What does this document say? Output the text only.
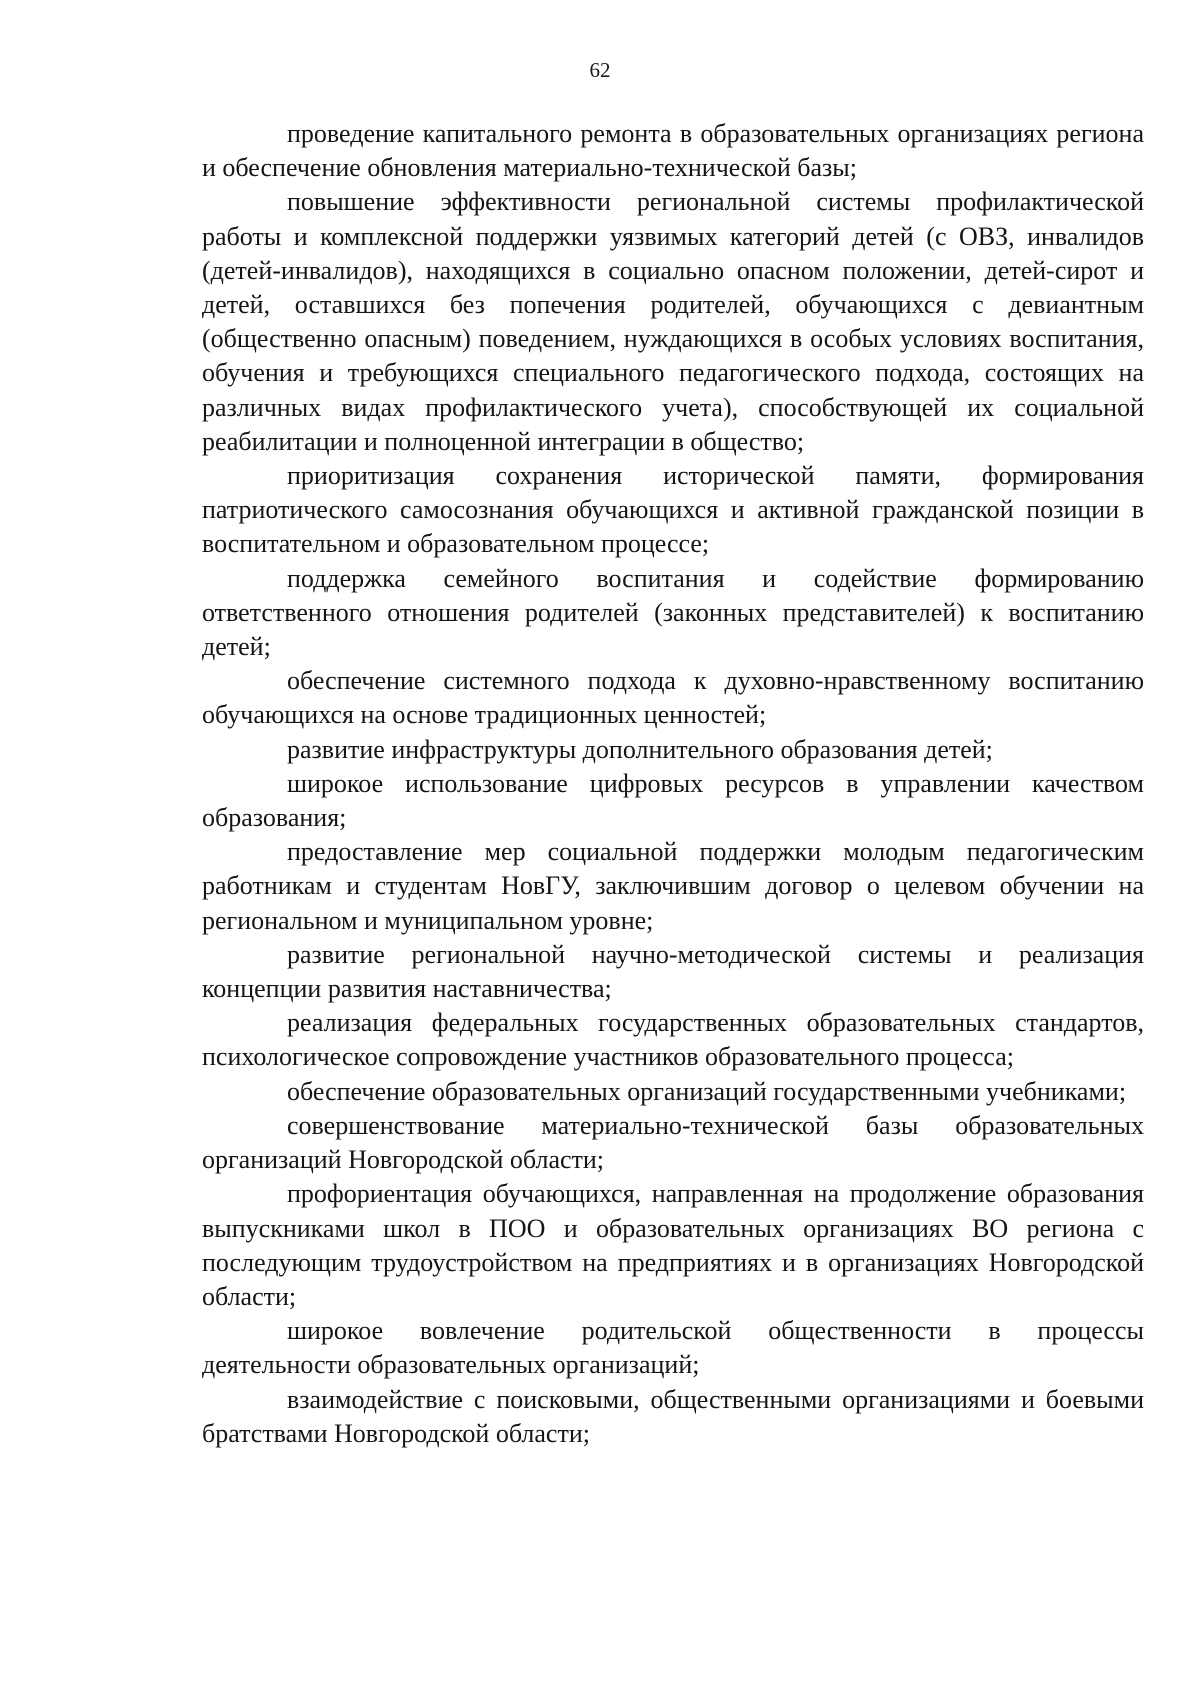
62

проведение капитального ремонта в образовательных организациях региона и обеспечение обновления материально-технической базы;

повышение эффективности региональной системы профилактической работы и комплексной поддержки уязвимых категорий детей (с ОВЗ, инвалидов (детей-инвалидов), находящихся в социально опасном положении, детей-сирот и детей, оставшихся без попечения родителей, обучающихся с девиантным (общественно опасным) поведением, нуждающихся в особых условиях воспитания, обучения и требующихся специального педагогического подхода, состоящих на различных видах профилактического учета), способствующей их социальной реабилитации и полноценной интеграции в общество;

приоритизация сохранения исторической памяти, формирования патриотического самосознания обучающихся и активной гражданской позиции в воспитательном и образовательном процессе;

поддержка семейного воспитания и содействие формированию ответственного отношения родителей (законных представителей) к воспитанию детей;

обеспечение системного подхода к духовно-нравственному воспитанию обучающихся на основе традиционных ценностей;

развитие инфраструктуры дополнительного образования детей;

широкое использование цифровых ресурсов в управлении качеством образования;

предоставление мер социальной поддержки молодым педагогическим работникам и студентам НовГУ, заключившим договор о целевом обучении на региональном и муниципальном уровне;

развитие региональной научно-методической системы и реализация концепции развития наставничества;

реализация федеральных государственных образовательных стандартов, психологическое сопровождение участников образовательного процесса;

обеспечение образовательных организаций государственными учебниками;

совершенствование материально-технической базы образовательных организаций Новгородской области;

профориентация обучающихся, направленная на продолжение образования выпускниками школ в ПОО и образовательных организациях ВО региона с последующим трудоустройством на предприятиях и в организациях Новгородской области;

широкое вовлечение родительской общественности в процессы деятельности образовательных организаций;

взаимодействие с поисковыми, общественными организациями и боевыми братствами Новгородской области;
